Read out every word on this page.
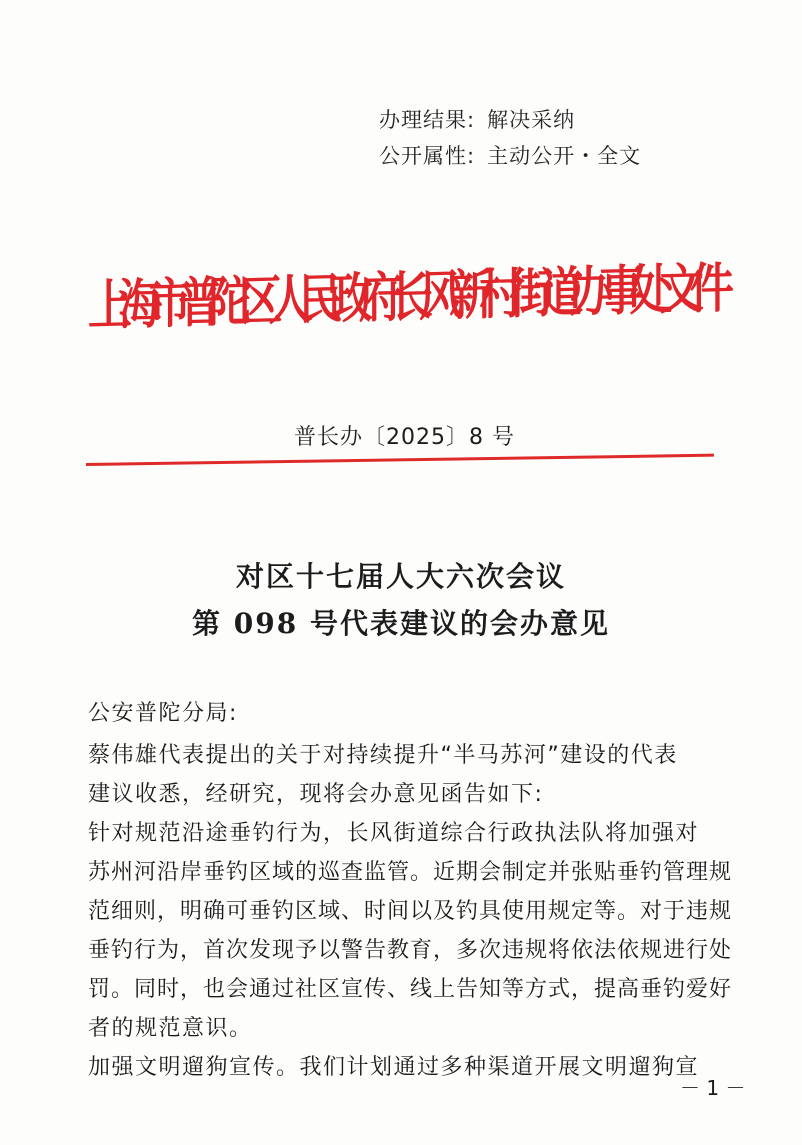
办理结果: 解决采纳
公开属性: 主动公开・全文
上海市普陀区人民政府长风新村街道办事处文件
普长办〔2025〕8 号
对区十七届人大六次会议
第 098 号代表建议的会办意见
公安普陀分局:
蔡伟雄代表提出的关于对持续提升“半马苏河”建设的代表
建议收悉，经研究，现将会办意见函告如下:
针对规范沿途垂钓行为，长风街道综合行政执法队将加强对
苏州河沿岸垂钓区域的巡查监管。近期会制定并张贴垂钓管理规
范细则，明确可垂钓区域、时间以及钓具使用规定等。对于违规
垂钓行为，首次发现予以警告教育，多次违规将依法依规进行处
罚。同时，也会通过社区宣传、线上告知等方式，提高垂钓爱好
者的规范意识。
加强文明遛狗宣传。我们计划通过多种渠道开展文明遛狗宣
－ 1 －
